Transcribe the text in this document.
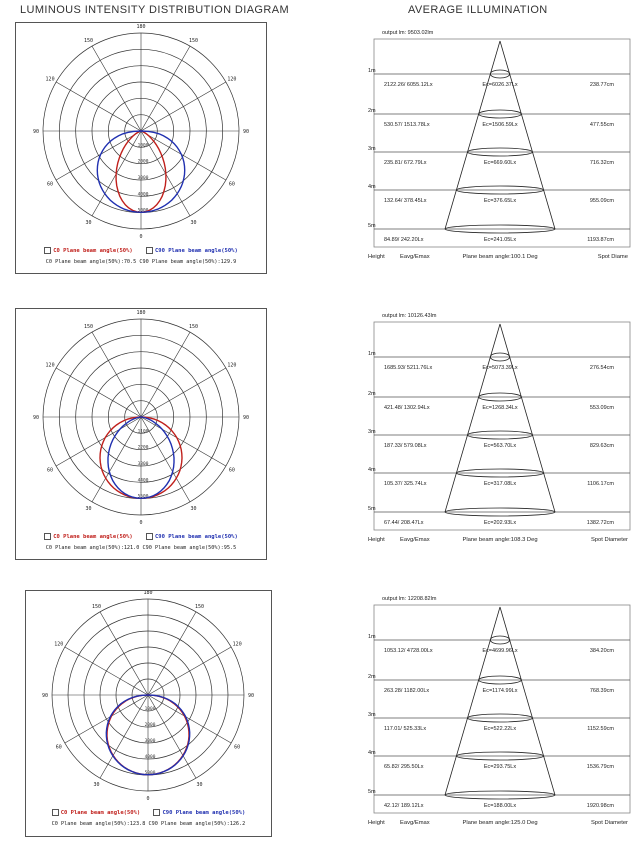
LUMINOUS INTENSITY DISTRIBUTION DIAGRAM	AVERAGE ILLUMINATION
180
150
120
90
60
30
0
30
60
90
120
150
1000
2000
3000
4000
5000
C0 Plane beam angle(50%)	C90 Plane beam angle(50%)
C0 Plane beam angle(50%):70.5 C90 Plane beam angle(50%):129.9
180
150
120
90
60
30
0
30
60
90
120
150
1100
2200
3300
4400
5500
C0 Plane beam angle(50%)	C90 Plane beam angle(50%)
C0 Plane beam angle(50%):121.0 C90 Plane beam angle(50%):95.5
180
150
120
90
60
30
0
30
60
90
120
150
1000
2000
3000
4000
5000
C0 Plane beam angle(50%)	C90 Plane beam angle(50%)
C0 Plane beam angle(50%):123.8 C90 Plane beam angle(50%):126.2
output lm: 9503.02lm
1m
2122.26/ 6055.12Lx	Ec=6026.37Lx	238.77cm
2m
530.57/ 1513.78Lx	Ec=1506.59Lx	477.55cm
3m
235.81/ 672.79Lx	Ec=669.60Lx	716.32cm
4m
132.64/ 378.45Lx	Ec=376.65Lx	955.09cm
5m
84.89/ 242.20Lx	Ec=241.05Lx	1193.87cm
Height	Eavg/Emax	Plane beam angle:100.1 Deg	Spot Diame
output lm: 10126.43lm
1m
1685.93/ 5211.76Lx	Ec=5073.39Lx	276.54cm
2m
421.48/ 1302.94Lx	Ec=1268.34Lx	553.09cm
3m
187.33/ 579.08Lx	Ec=563.70Lx	829.63cm
4m
105.37/ 325.74Lx	Ec=317.08Lx	1106.17cm
5m
67.44/ 208.47Lx	Ec=202.93Lx	1382.72cm
Height	Eavg/Emax	Plane beam angle:108.3 Deg	Spot Diameter
output lm: 12208.82lm
1m
1053.12/ 4728.00Lx	Ec=4699.96Lx	384.20cm
2m
263.28/ 1182.00Lx	Ec=1174.99Lx	768.39cm
3m
117.01/ 525.33Lx	Ec=522.22Lx	1152.59cm
4m
65.82/ 295.50Lx	Ec=293.75Lx	1536.79cm
5m
42.12/ 189.12Lx	Ec=188.00Lx	1920.98cm
Height	Eavg/Emax	Plane beam angle:125.0 Deg	Spot Diameter
